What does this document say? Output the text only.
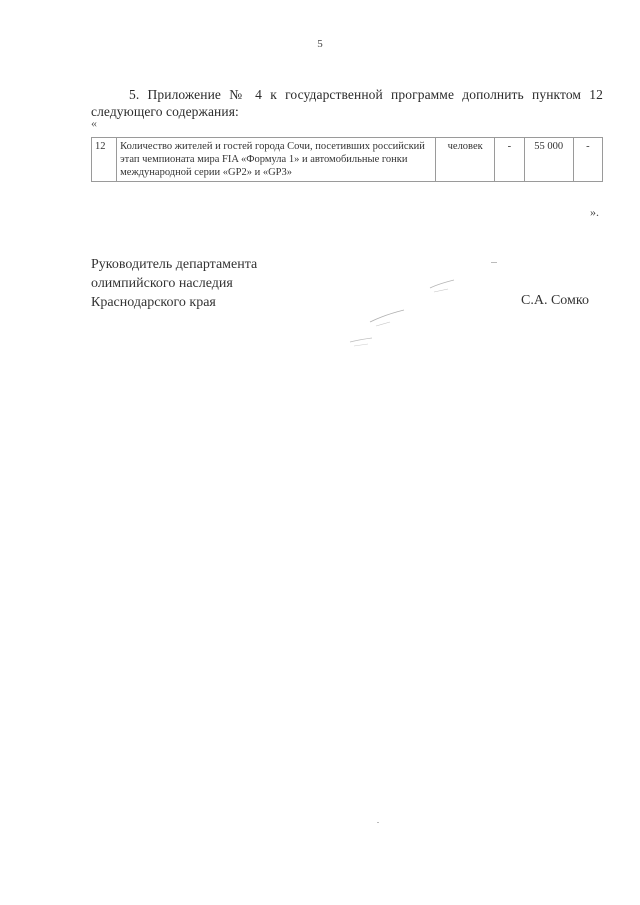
5
5. Приложение № 4 к государственной программе дополнить пунктом 12 следующего содержания:
«
12	Количество жителей и гостей города Сочи, посетивших российский этап чемпионата мира FIA «Формула 1» и автомобильные гонки международной серии «GP2» и «GP3»	человек	-	55 000	-
».
Руководитель департамента
олимпийского наследия
Краснодарского края	С.А. Сомко
